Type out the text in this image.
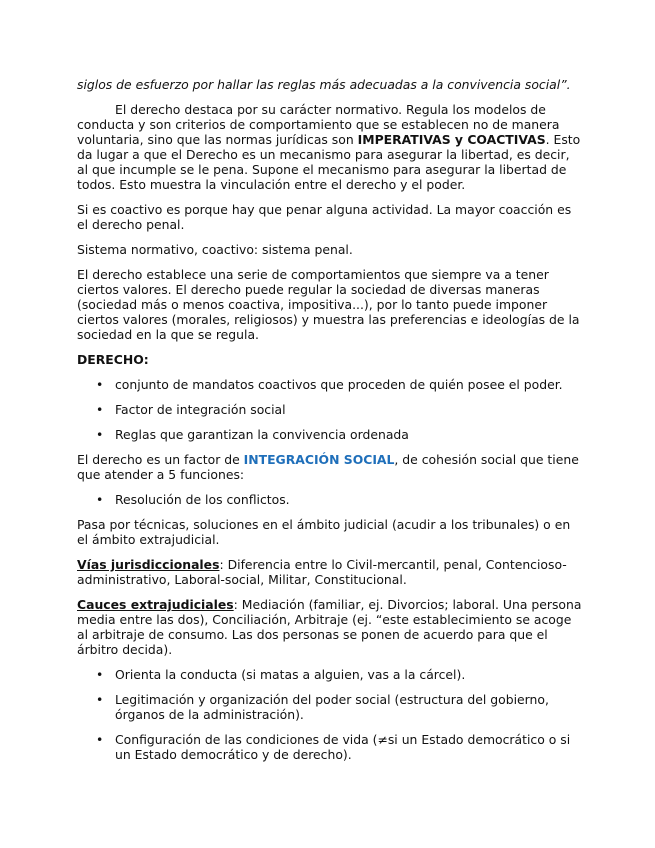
siglos de esfuerzo por hallar las reglas más adecuadas a la convivencia social”.

El derecho destaca por su carácter normativo. Regula los modelos de conducta y son criterios de comportamiento que se establecen no de manera voluntaria, sino que las normas jurídicas son IMPERATIVAS y COACTIVAS. Esto da lugar a que el Derecho es un mecanismo para asegurar la libertad, es decir, al que incumple se le pena. Supone el mecanismo para asegurar la libertad de todos. Esto muestra la vinculación entre el derecho y el poder.

Si es coactivo es porque hay que penar alguna actividad. La mayor coacción es el derecho penal.

Sistema normativo, coactivo: sistema penal.

El derecho establece una serie de comportamientos que siempre va a tener ciertos valores. El derecho puede regular la sociedad de diversas maneras (sociedad más o menos coactiva, impositiva...), por lo tanto puede imponer ciertos valores (morales, religiosos) y muestra las preferencias e ideologías de la sociedad en la que se regula.

DERECHO:

• conjunto de mandatos coactivos que proceden de quién posee el poder.
• Factor de integración social
• Reglas que garantizan la convivencia ordenada

El derecho es un factor de INTEGRACIÓN SOCIAL, de cohesión social que tiene que atender a 5 funciones:

• Resolución de los conflictos.

Pasa por técnicas, soluciones en el ámbito judicial (acudir a los tribunales) o en el ámbito extrajudicial.

Vías jurisdiccionales: Diferencia entre lo Civil-mercantil, penal, Contencioso-administrativo, Laboral-social, Militar, Constitucional.

Cauces extrajudiciales: Mediación (familiar, ej. Divorcios; laboral. Una persona media entre las dos), Conciliación, Arbitraje (ej. “este establecimiento se acoge al arbitraje de consumo. Las dos personas se ponen de acuerdo para que el árbitro decida).

• Orienta la conducta (si matas a alguien, vas a la cárcel).
• Legitimación y organización del poder social (estructura del gobierno, órganos de la administración).
• Configuración de las condiciones de vida (≠si un Estado democrático o si un Estado democrático y de derecho).
